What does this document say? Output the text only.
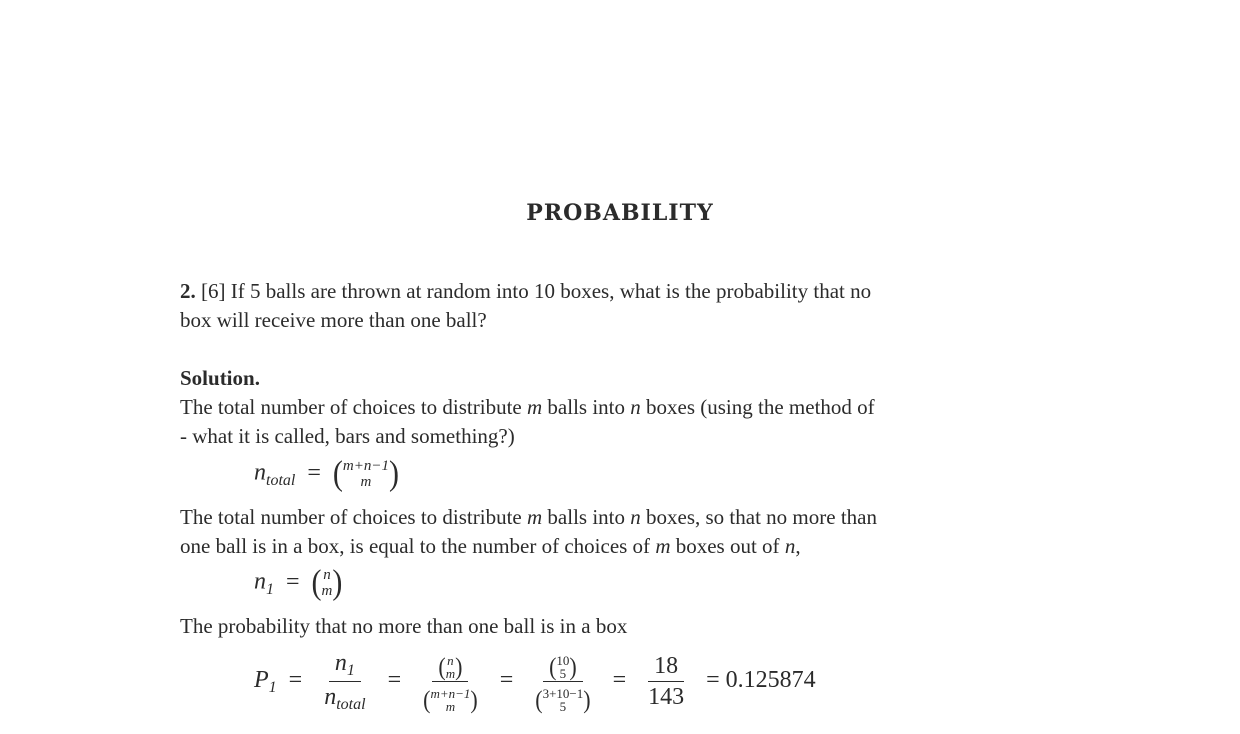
PROBABILITY
2. [6] If 5 balls are thrown at random into 10 boxes, what is the probability that no
box will receive more than one ball?
Solution.
The total number of choices to distribute m balls into n boxes (using the method of
- what it is called, bars and something?)
$n_{total}$ = ( m+n−1
m )
The total number of choices to distribute m balls into n boxes, so that no more than
one ball is in a box, is equal to the number of choices of m boxes out of n,
$n_1$ = ( n
m )
The probability that no more than one ball is in a box
$P_1 = \frac{n_1}{n_{total}}$ = ( n
m )
( m+n−1
m ) = ( 10
5 )
( 3+10−1
5 ) = $\frac{18}{143} = 0.125874$
